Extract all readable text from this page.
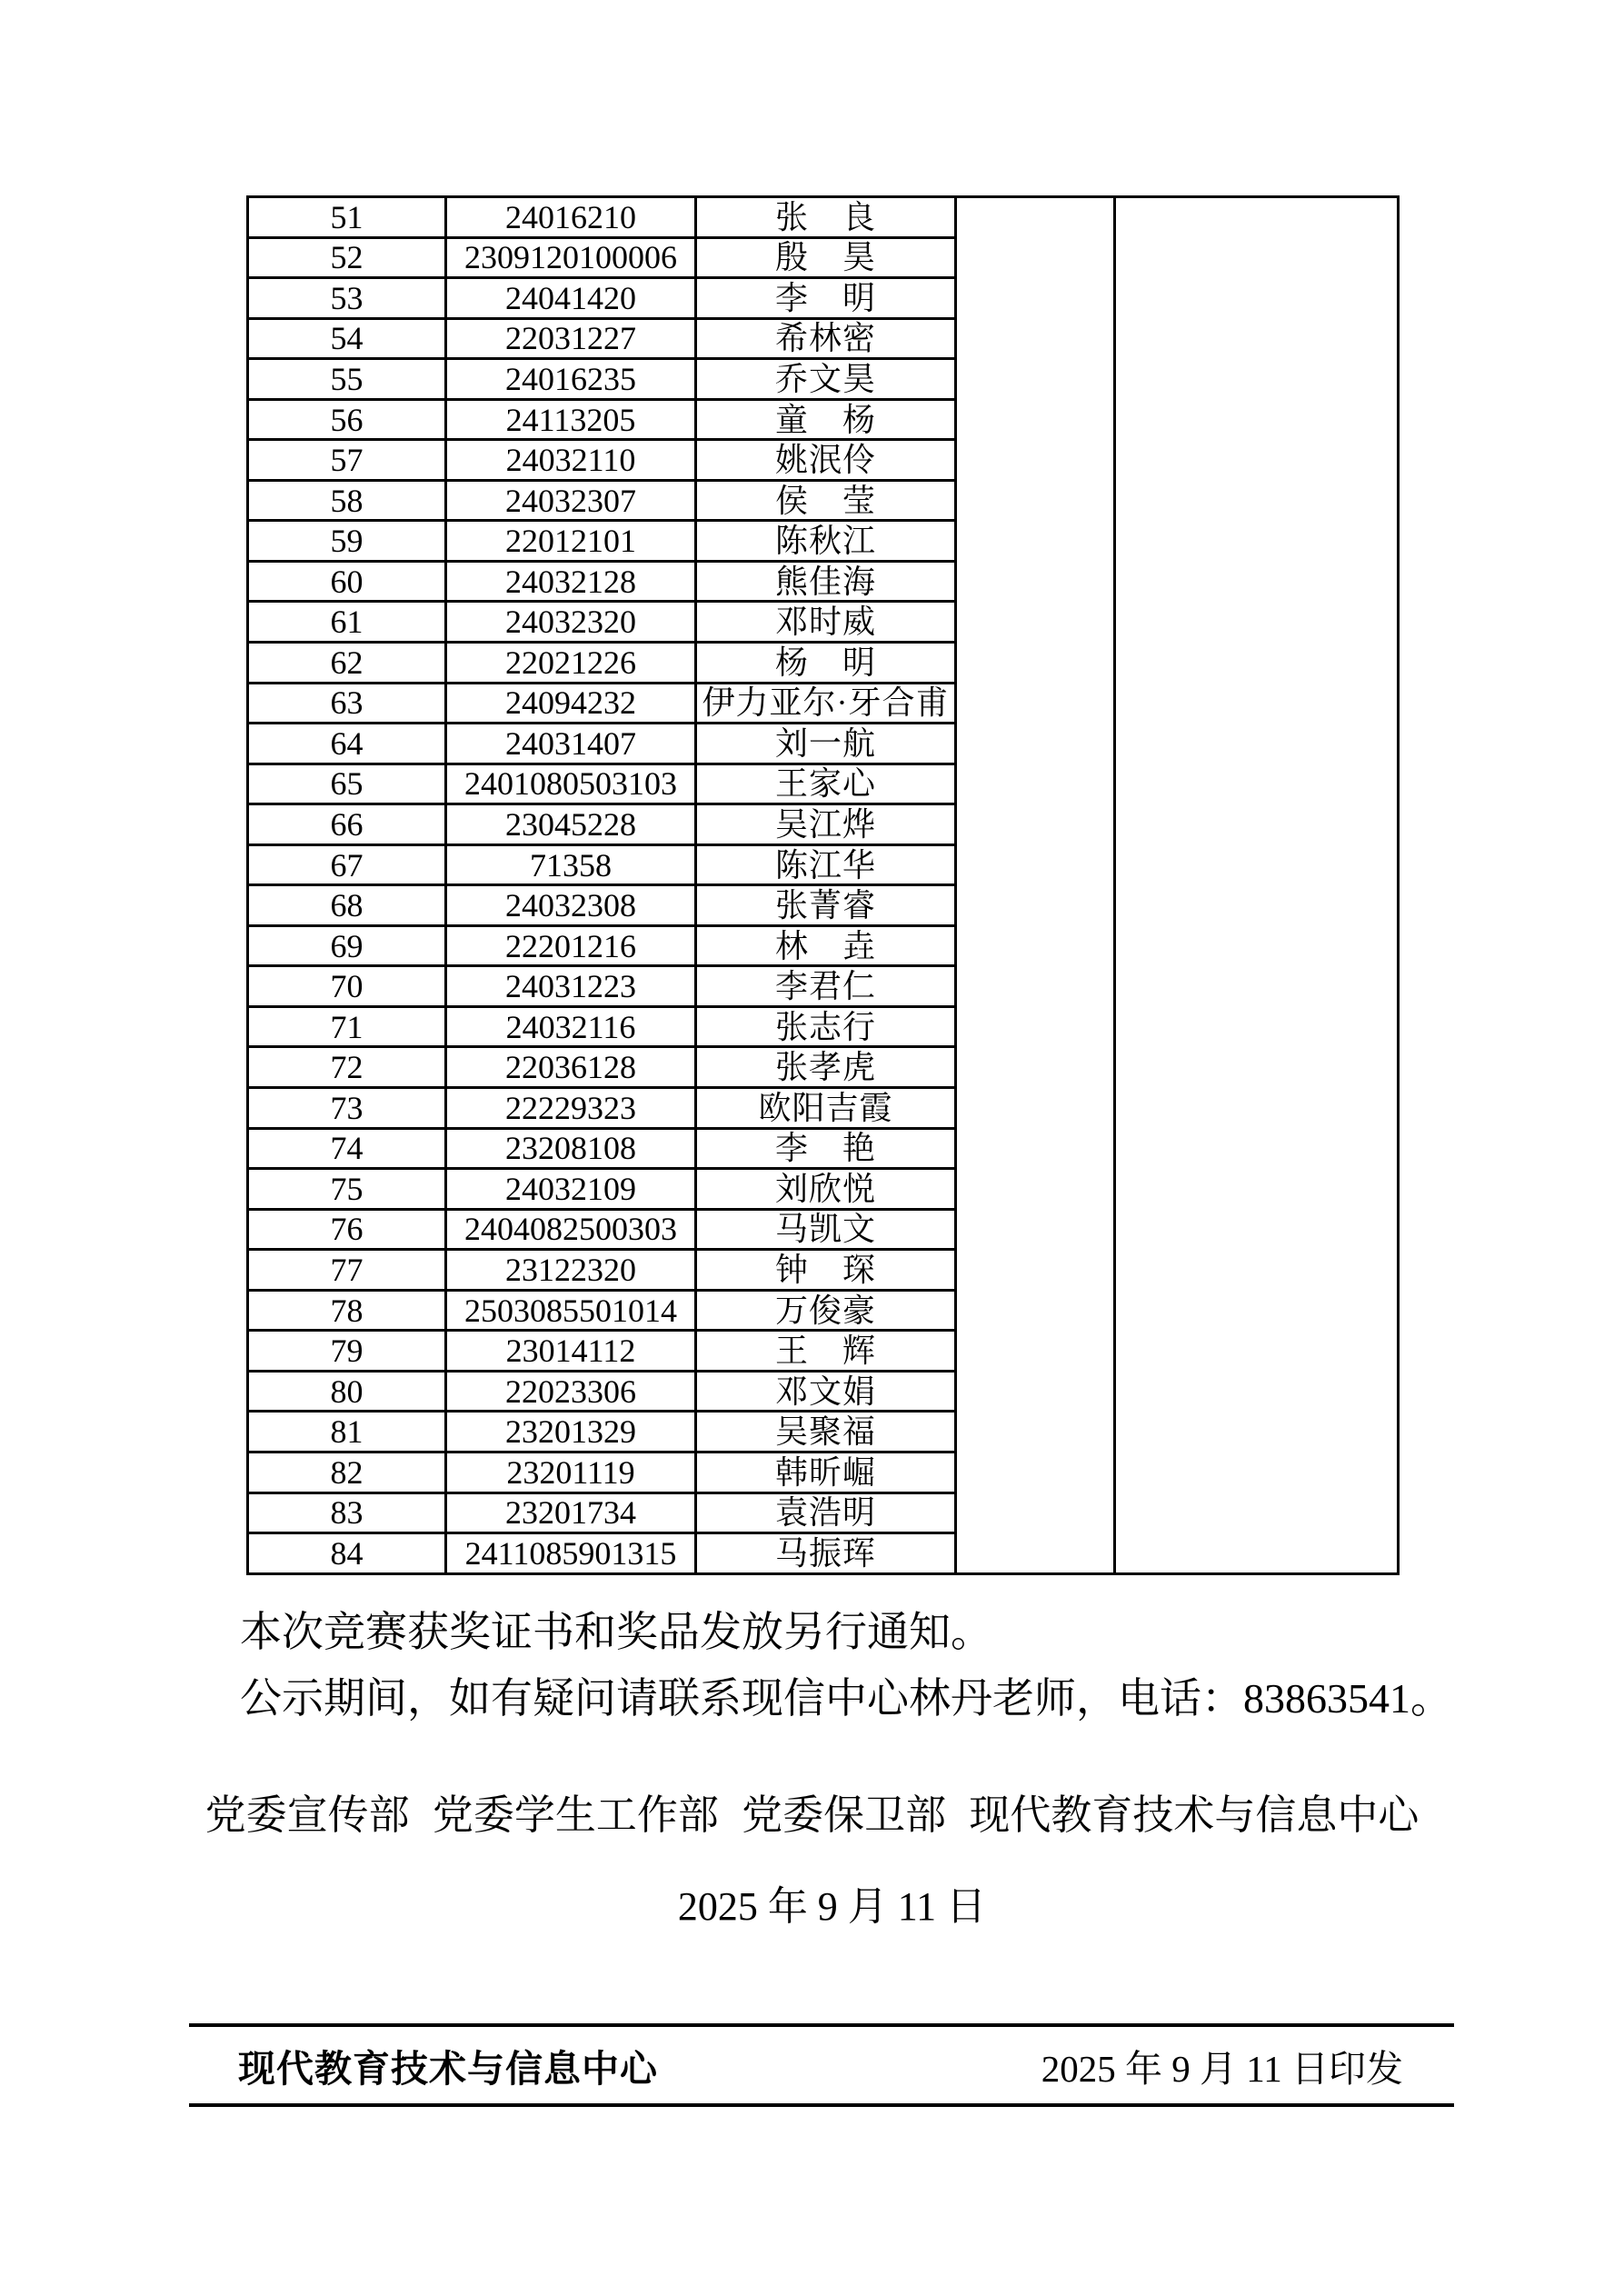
51	24016210	张　良		
52	2309120100006	殷　昊		
53	24041420	李　明		
54	22031227	希林密		
55	24016235	乔文昊		
56	24113205	童　杨		
57	24032110	姚泯伶		
58	24032307	侯　莹		
59	22012101	陈秋江		
60	24032128	熊佳海		
61	24032320	邓时威		
62	22021226	杨　明		
63	24094232	伊力亚尔·牙合甫		
64	24031407	刘一航		
65	2401080503103	王家心		
66	23045228	吴江烨		
67	71358	陈江华		
68	24032308	张菁睿		
69	22201216	林　垚		
70	24031223	李君仁		
71	24032116	张志行		
72	22036128	张孝虎		
73	22229323	欧阳吉霞		
74	23208108	李　艳		
75	24032109	刘欣悦		
76	2404082500303	马凯文		
77	23122320	钟　琛		
78	2503085501014	万俊豪		
79	23014112	王　辉		
80	22023306	邓文娟		
81	23201329	吴聚福		
82	23201119	韩昕崛		
83	23201734	袁浩明		
84	2411085901315	马振珲		

本次竞赛获奖证书和奖品发放另行通知。

公示期间，如有疑问请联系现信中心林丹老师，电话：83863541。

党委宣传部 党委学生工作部 党委保卫部 现代教育技术与信息中心
2025 年 9 月 11 日
现代教育技术与信息中心	2025 年 9 月 11 日印发
